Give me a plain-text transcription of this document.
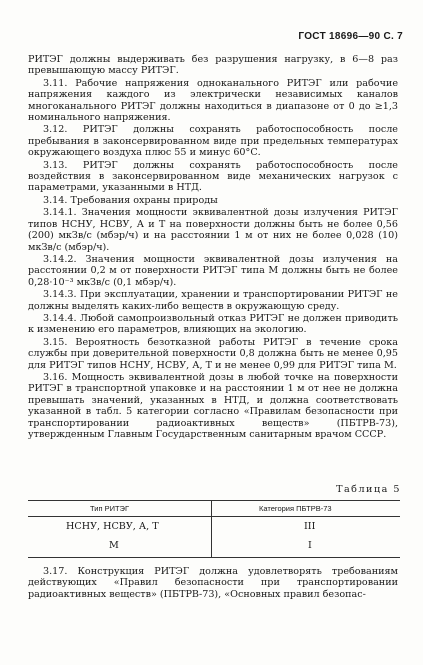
ГОСТ 18696—90 С. 7

РИТЭГ должны выдерживать без разрушения нагрузку, в 6—8 раз превышающую массу РИТЭГ.

3.11. Рабочие напряжения одноканального РИТЭГ или рабочие напряжения каждого из электрически независимых каналов многоканального РИТЭГ должны находиться в диапазоне от 0 до ≥1,3 номинального напряжения.

3.12. РИТЭГ должны сохранять работоспособность после пребывания в законсервированном виде при предельных температурах окружающего воздуха плюс 55 и минус 60°С.

3.13. РИТЭГ должны сохранять работоспособность после воздействия в законсервированном виде механических нагрузок с параметрами, указанными в НТД.

3.14. Требования охраны природы

3.14.1. Значения мощности эквивалентной дозы излучения РИТЭГ типов НСНУ, НСВУ, А и Т на поверхности должны быть не более 0,56 (200) мкЗв/с (мбэр/ч) и на расстоянии 1 м от них не более 0,028 (10) мкЗв/с (мбэр/ч).

3.14.2. Значения мощности эквивалентной дозы излучения на расстоянии 0,2 м от поверхности РИТЭГ типа М должны быть не более 0,28·10⁻³ мкЗв/с (0,1 мбэр/ч).

3.14.3. При эксплуатации, хранении и транспортировании РИТЭГ не должны выделять каких-либо веществ в окружающую среду.

3.14.4. Любой самопроизвольный отказ РИТЭГ не должен приводить к изменению его параметров, влияющих на экологию.

3.15. Вероятность безотказной работы РИТЭГ в течение срока службы при доверительной поверхности 0,8 должна быть не менее 0,95 для РИТЭГ типов НСНУ, НСВУ, А, Т и не менее 0,99 для РИТЭГ типа М.

3.16. Мощность эквивалентной дозы в любой точке на поверхности РИТЭГ в транспортной упаковке и на расстоянии 1 м от нее не должна превышать значений, указанных в НТД, и должна соответствовать указанной в табл. 5 категории согласно «Правилам безопасности при транспортировании радиоактивных веществ» (ПБТРВ-73), утвержденным Главным Государственным санитарным врачом СССР.

Таблица 5
Тип РИТЭГ	Категория ПБТРВ-73
НСНУ, НСВУ, А, Т	III
М	I
3.17. Конструкция РИТЭГ должна удовлетворять требованиям действующих «Правил безопасности при транспортировании радиоактивных веществ» (ПБТРВ-73), «Основных правил безопас-
